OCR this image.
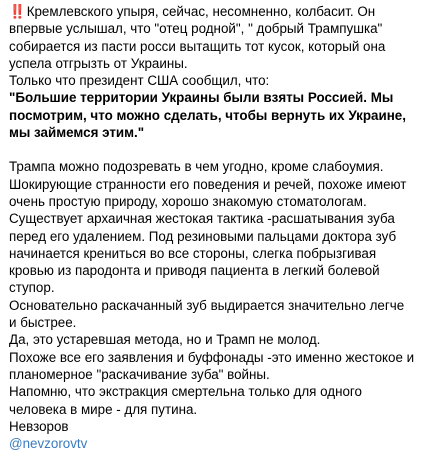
‼️ Кремлевского упыря, сейчас, несомненно, колбасит. Он
впервые услышал, что "отец родной", " добрый Трампушка"
собирается из пасти росси вытащить тот кусок, который она
успела отгрызть от Украины.
Только что президент США сообщил, что:
"Большие территории Украины были взяты Россией. Мы
посмотрим, что можно сделать, чтобы вернуть их Украине,
мы займемся этим."
Трампа можно подозревать в чем угодно, кроме слабоумия.
Шокирующие странности его поведения и речей, похоже имеют
очень простую природу, хорошо знакомую стоматологам.
Существует архаичная жестокая тактика -расшатывания зуба
перед его удалением. Под резиновыми пальцами доктора зуб
начинается крениться во все стороны, слегка побрызгивая
кровью из пародонта и приводя пациента в легкий болевой
ступор.
Основательно раскачанный зуб выдирается значительно легче
и быстрее.
Да, это устаревшая метода, но и Трамп не молод.
Похоже все его заявления и буффонады -это именно жестокое и
планомерное "раскачивание зуба" войны.
Напомню, что экстракция смертельна только для одного
человека в мире - для путина.
Невзоров
@nevzorovtv
